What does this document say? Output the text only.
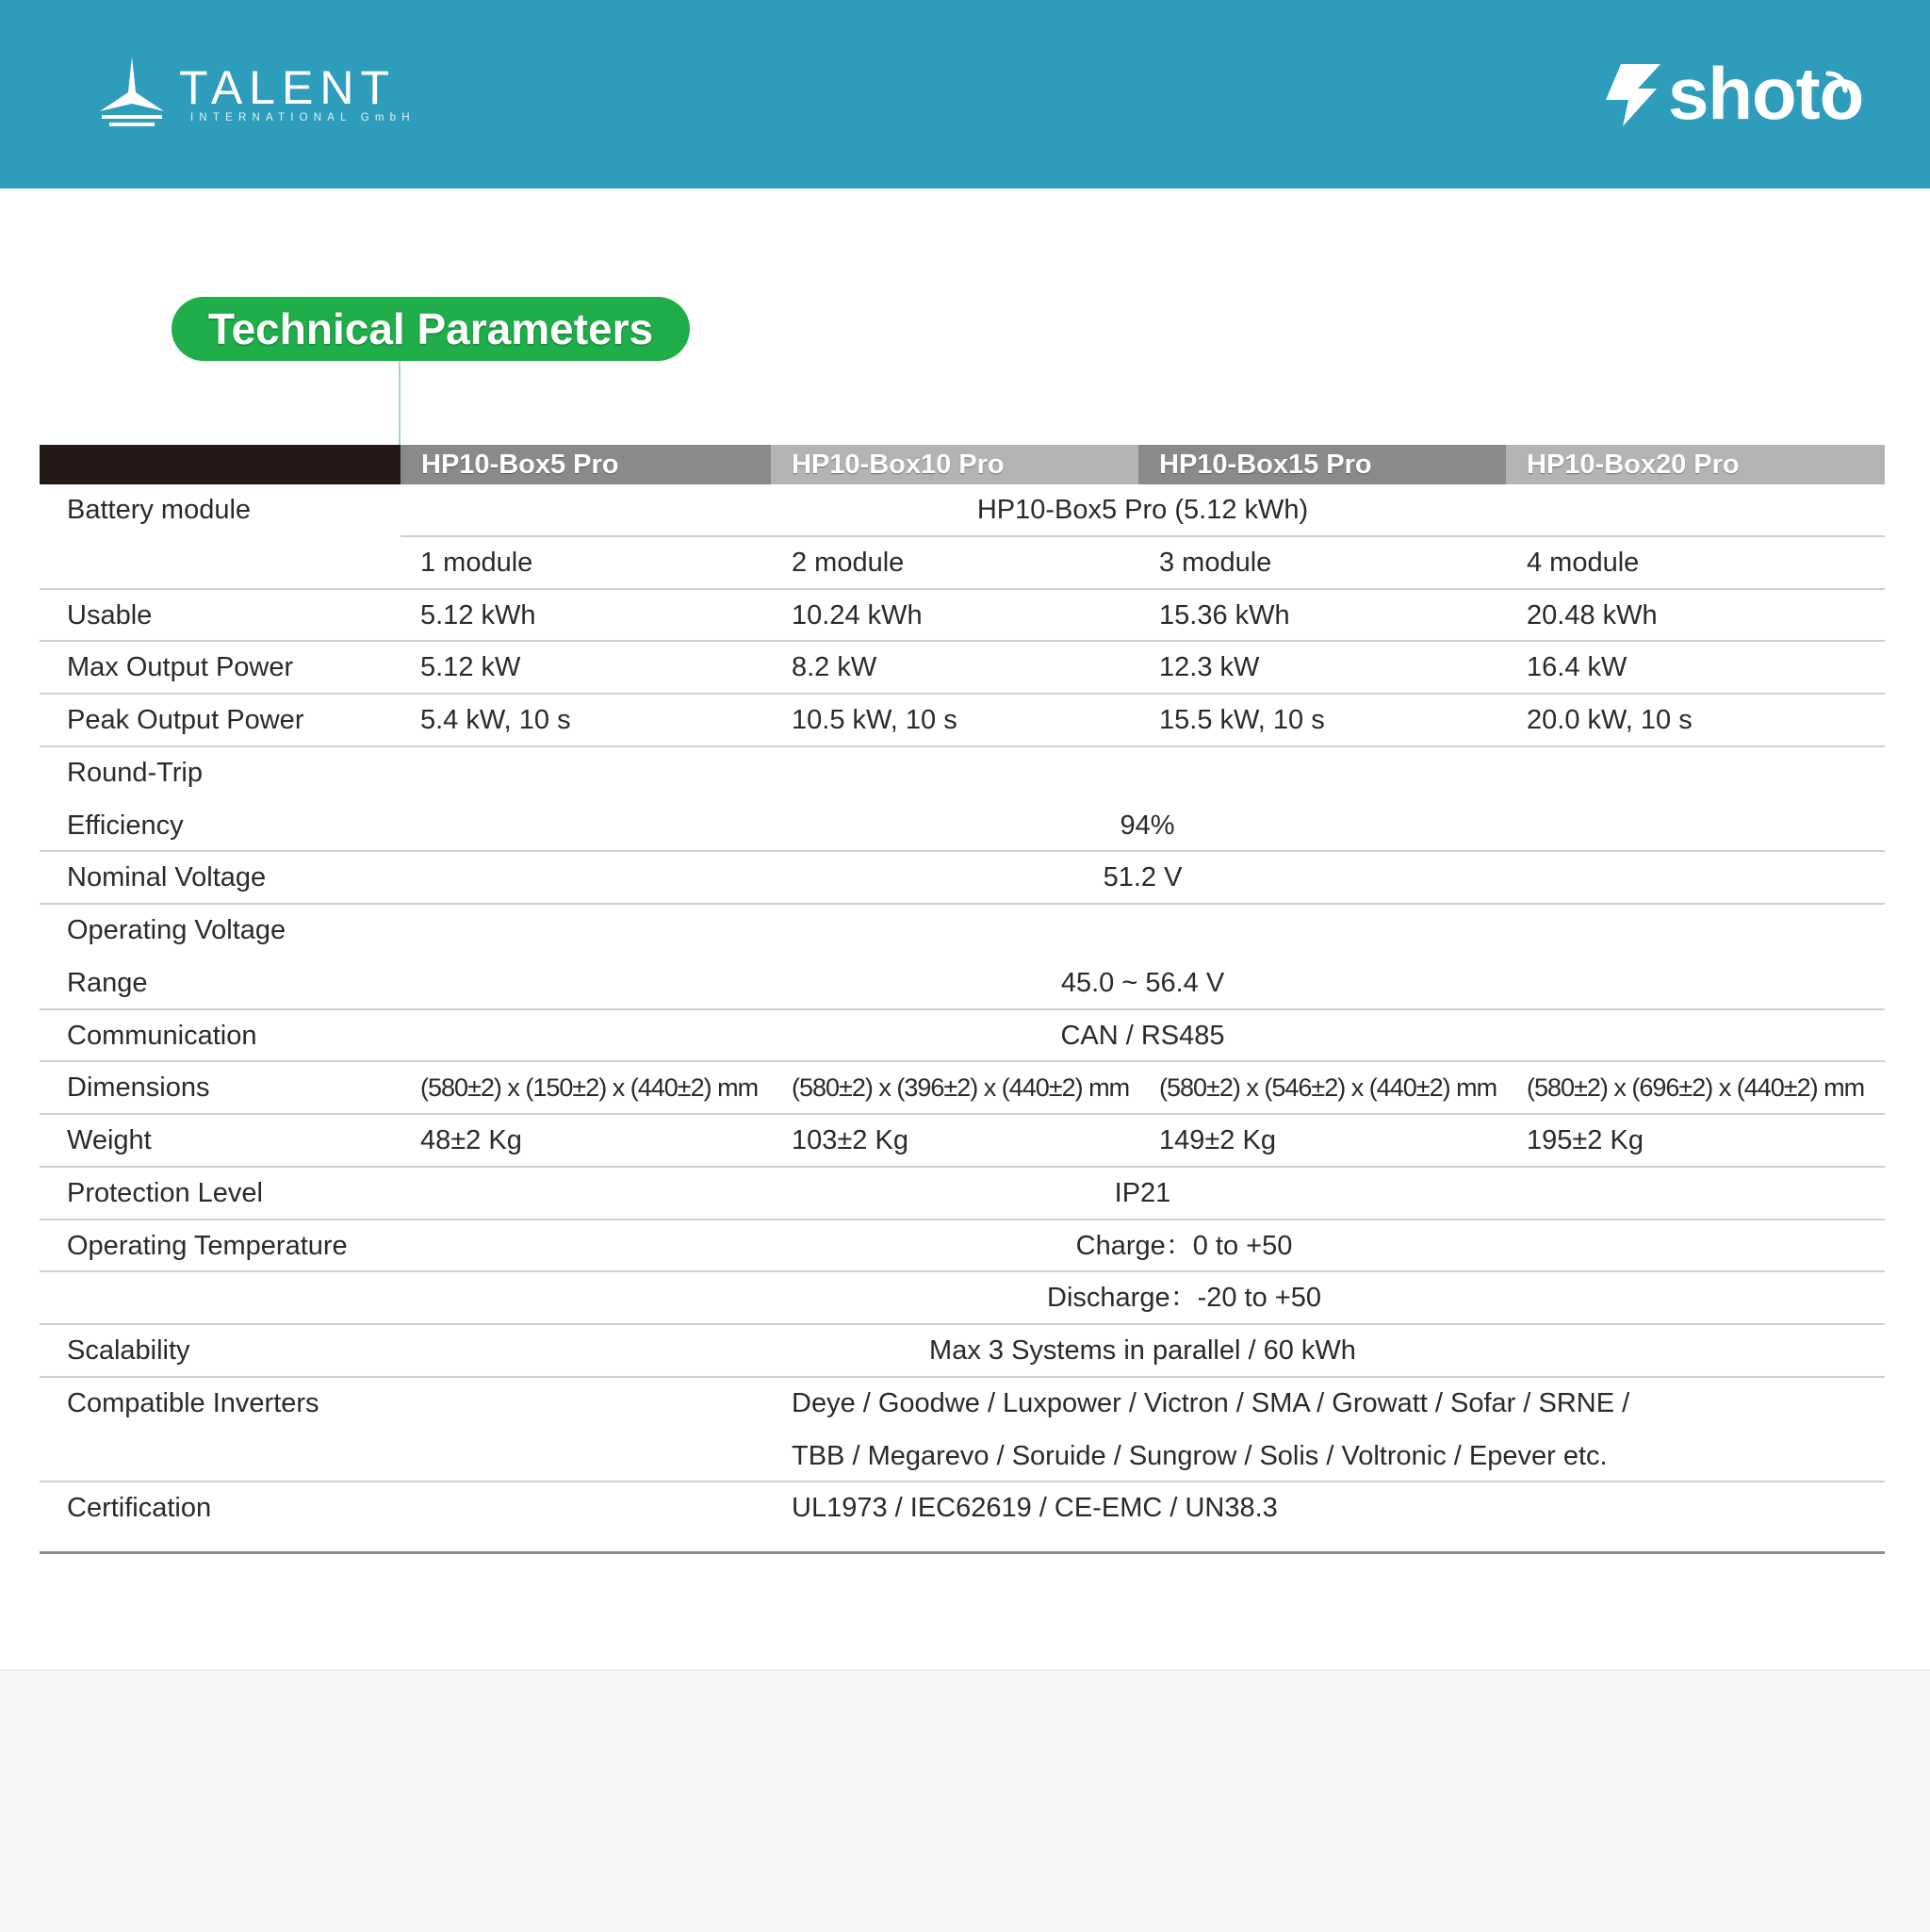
TALENT
INTERNATIONAL GmbH	shoto
Technical Parameters
HP10-Box5 Pro	HP10-Box10 Pro	HP10-Box15 Pro	HP10-Box20 Pro
Battery module	HP10-Box5 Pro (5.12 kWh)
1 module	2 module	3 module	4 module
Usable	5.12 kWh	10.24 kWh	15.36 kWh	20.48 kWh
Max Output Power	5.12 kW	8.2 kW	12.3 kW	16.4 kW
Peak Output Power	5.4 kW, 10 s	10.5 kW, 10 s	15.5 kW, 10 s	20.0 kW, 10 s
Round-Trip
Efficiency	94%
Nominal Voltage	51.2 V
Operating Voltage
Range	45.0 ~ 56.4 V
Communication	CAN / RS485
Dimensions	(580±2) x (150±2) x (440±2) mm (580±2) x (396±2) x (440±2) mm (580±2) x (546±2) x (440±2) mm (580±2) x (696±2) x (440±2) mm
Weight	48±2 Kg	103±2 Kg	149±2 Kg	195±2 Kg
Protection Level	IP21
Operating Temperature	Charge：0 to +50
Discharge：-20 to +50
Scalability	Max 3 Systems in parallel / 60 kWh
Compatible Inverters	Deye / Goodwe / Luxpower / Victron / SMA / Growatt / Sofar / SRNE /
TBB / Megarevo / Soruide / Sungrow / Solis / Voltronic / Epever etc.
Certification	UL1973 / IEC62619 / CE-EMC / UN38.3
